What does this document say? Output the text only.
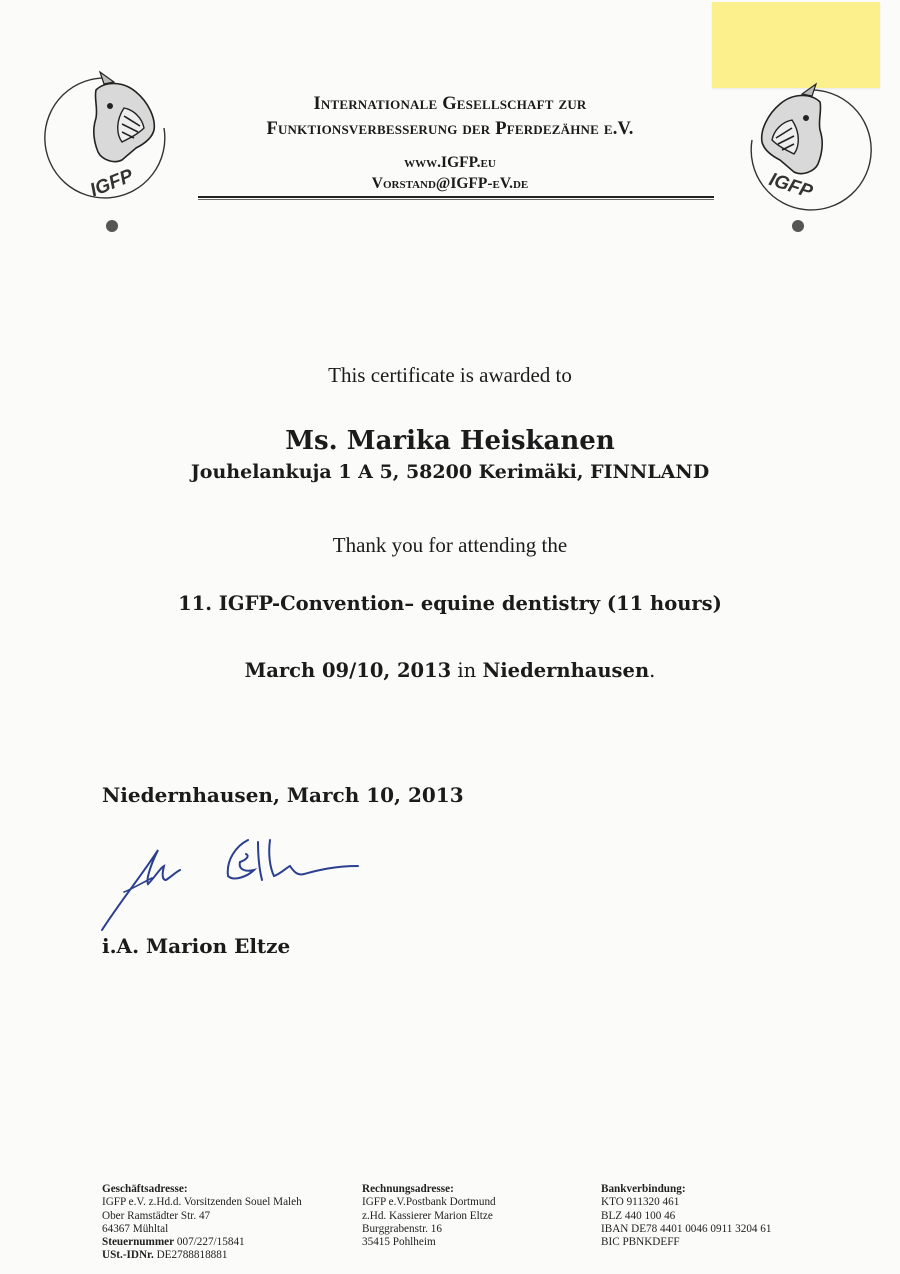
IGFP	IGFP
Internationale Gesellschaft zur
Funktionsverbesserung der Pferdezähne e.V.
www.IGFP.eu
Vorstand@IGFP-eV.de
This certificate is awarded to
Ms. Marika Heiskanen
Jouhelankuja 1 A 5, 58200 Kerimäki, FINNLAND
Thank you for attending the
11. IGFP-Convention– equine dentistry (11 hours)
March 09/10, 2013 in Niedernhausen.
Niedernhausen, March 10, 2013
i.A. Marion Eltze
Geschäftsadresse:
IGFP e.V. z.Hd.d. Vorsitzenden Souel Maleh
Ober Ramstädter Str. 47
64367 Mühltal
Steuernummer 007/227/15841
USt.-IDNr. DE2788818881
Rechnungsadresse:
IGFP e.V.Postbank Dortmund
z.Hd. Kassierer Marion Eltze
Burggrabenstr. 16
35415 Pohlheim
Bankverbindung:
KTO 911320 461
BLZ 440 100 46
IBAN DE78 4401 0046 0911 3204 61
BIC PBNKDEFF
